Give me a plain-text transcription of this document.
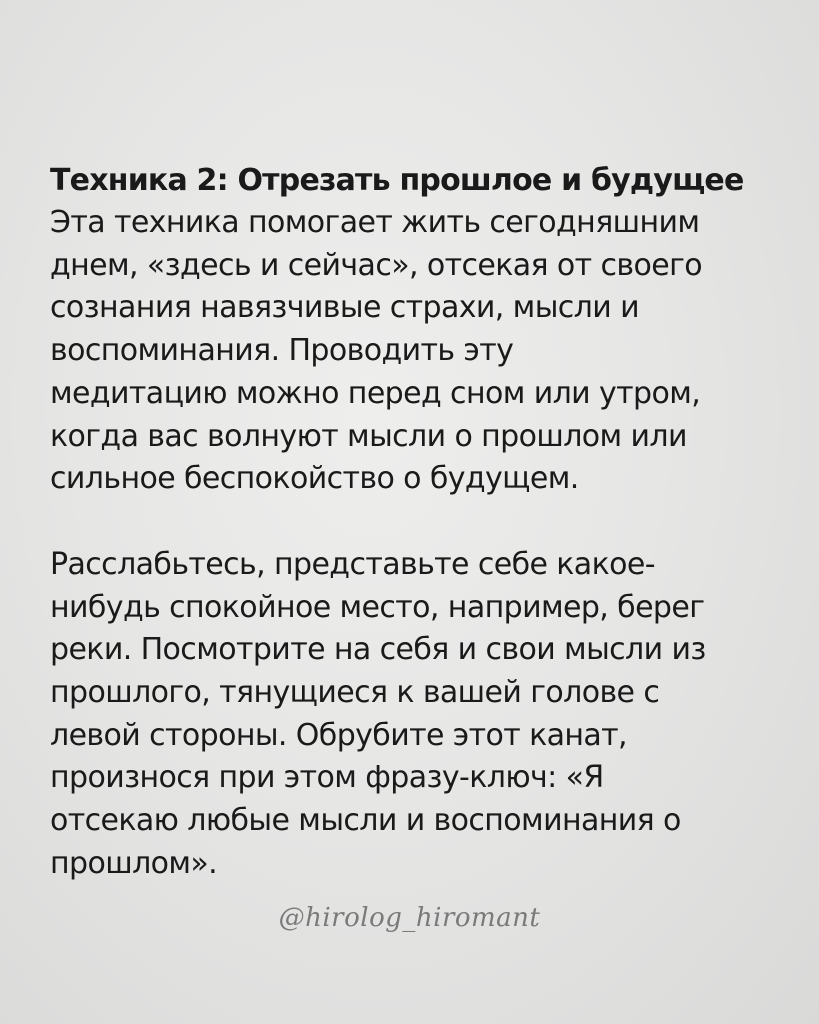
Техника 2: Отрезать прошлое и будущее

Эта техника помогает жить сегодняшним

днем, «здесь и сейчас», отсекая от своего

сознания навязчивые страхи, мысли и

воспоминания. Проводить эту

медитацию можно перед сном или утром,

когда вас волнуют мысли о прошлом или

сильное беспокойство о будущем.

Расслабьтесь, представьте себе какое-

нибудь спокойное место, например, берег

реки. Посмотрите на себя и свои мысли из

прошлого, тянущиеся к вашей голове с

левой стороны. Обрубите этот канат,

произнося при этом фразу-ключ: «Я

отсекаю любые мысли и воспоминания о

прошлом».

@hirolog_hiromant
